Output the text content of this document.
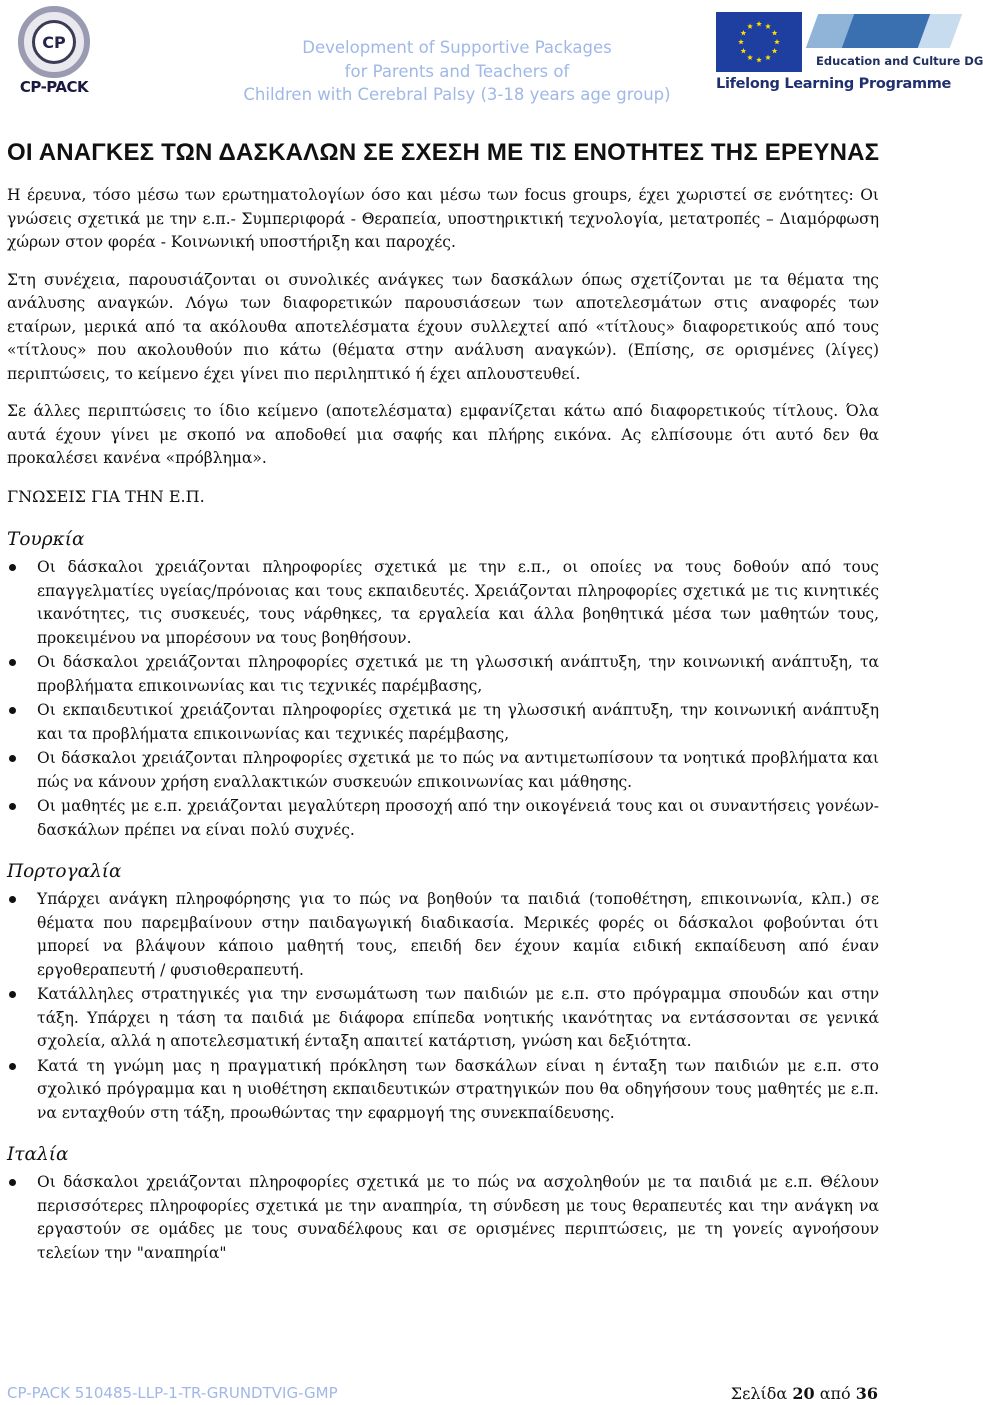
CP
CP-PACK
Development of Supportive Packages
for Parents and Teachers of
Children with Cerebral Palsy (3-18 years age group)
Education and Culture DG
Lifelong Learning Programme
ΟΙ ΑΝΑΓΚΕΣ ΤΩΝ ΔΑΣΚΑΛΩΝ ΣΕ ΣΧΕΣΗ ΜΕ ΤΙΣ ΕΝΟΤΗΤΕΣ ΤΗΣ ΕΡΕΥΝΑΣ

Η έρευνα, τόσο μέσω των ερωτηματολογίων όσο και μέσω των focus groups, έχει χωριστεί σε ενότητες: Οι γνώσεις σχετικά με την ε.π.- Συμπεριφορά - Θεραπεία, υποστηρικτική τεχνολογία, μετατροπές – Διαμόρφωση χώρων στον φορέα - Κοινωνική υποστήριξη και παροχές.

Στη συνέχεια, παρουσιάζονται οι συνολικές ανάγκες των δασκάλων όπως σχετίζονται με τα θέματα της ανάλυσης αναγκών. Λόγω των διαφορετικών παρουσιάσεων των αποτελεσμάτων στις αναφορές των εταίρων, μερικά από τα ακόλουθα αποτελέσματα έχουν συλλεχτεί από «τίτλους» διαφορετικούς από τους «τίτλους» που ακολουθούν πιο κάτω (θέματα στην ανάλυση αναγκών). (Επίσης, σε ορισμένες (λίγες) περιπτώσεις, το κείμενο έχει γίνει πιο περιληπτικό ή έχει απλουστευθεί.

Σε άλλες περιπτώσεις το ίδιο κείμενο (αποτελέσματα) εμφανίζεται κάτω από διαφορετικούς τίτλους. Όλα αυτά έχουν γίνει με σκοπό να αποδοθεί μια σαφής και πλήρης εικόνα. Ας ελπίσουμε ότι αυτό δεν θα προκαλέσει κανένα «πρόβλημα».

ΓΝΩΣΕΙΣ ΓΙΑ ΤΗΝ Ε.Π.
Τουρκία
Οι δάσκαλοι χρειάζονται πληροφορίες σχετικά με την ε.π., οι οποίες να τους δοθούν από τους επαγγελματίες υγείας/πρόνοιας και τους εκπαιδευτές. Χρειάζονται πληροφορίες σχετικά με τις κινητικές ικανότητες, τις συσκευές, τους νάρθηκες, τα εργαλεία και άλλα βοηθητικά μέσα των μαθητών τους, προκειμένου να μπορέσουν να τους βοηθήσουν.
Οι δάσκαλοι χρειάζονται πληροφορίες σχετικά με τη γλωσσική ανάπτυξη, την κοινωνική ανάπτυξη, τα προβλήματα επικοινωνίας και τις τεχνικές παρέμβασης,
Οι εκπαιδευτικοί χρειάζονται πληροφορίες σχετικά με τη γλωσσική ανάπτυξη, την κοινωνική ανάπτυξη και τα προβλήματα επικοινωνίας και τεχνικές παρέμβασης,
Οι δάσκαλοι χρειάζονται πληροφορίες σχετικά με το πώς να αντιμετωπίσουν τα νοητικά προβλήματα και πώς να κάνουν χρήση εναλλακτικών συσκευών επικοινωνίας και μάθησης.
Οι μαθητές με ε.π. χρειάζονται μεγαλύτερη προσοχή από την οικογένειά τους και οι συναντήσεις γονέων-δασκάλων πρέπει να είναι πολύ συχνές.
Πορτογαλία
Υπάρχει ανάγκη πληροφόρησης για το πώς να βοηθούν τα παιδιά (τοποθέτηση, επικοινωνία, κλπ.) σε θέματα που παρεμβαίνουν στην παιδαγωγική διαδικασία. Μερικές φορές οι δάσκαλοι φοβούνται ότι μπορεί να βλάψουν κάποιο μαθητή τους, επειδή δεν έχουν καμία ειδική εκπαίδευση από έναν εργοθεραπευτή / φυσιοθεραπευτή.
Κατάλληλες στρατηγικές για την ενσωμάτωση των παιδιών με ε.π. στο πρόγραμμα σπουδών και στην τάξη. Υπάρχει η τάση τα παιδιά με διάφορα επίπεδα νοητικής ικανότητας να εντάσσονται σε γενικά σχολεία, αλλά η αποτελεσματική ένταξη απαιτεί κατάρτιση, γνώση και δεξιότητα.
Κατά τη γνώμη μας η πραγματική πρόκληση των δασκάλων είναι η ένταξη των παιδιών με ε.π. στο σχολικό πρόγραμμα και η υιοθέτηση εκπαιδευτικών στρατηγικών που θα οδηγήσουν τους μαθητές με ε.π. να ενταχθούν στη τάξη, προωθώντας την εφαρμογή της συνεκπαίδευσης.
Ιταλία
Οι δάσκαλοι χρειάζονται πληροφορίες σχετικά με το πώς να ασχοληθούν με τα παιδιά με ε.π. Θέλουν περισσότερες πληροφορίες σχετικά με την αναπηρία, τη σύνδεση με τους θεραπευτές και την ανάγκη να εργαστούν σε ομάδες με τους συναδέλφους και σε ορισμένες περιπτώσεις, με τη γονείς αγνοήσουν τελείων την "αναπηρία"
CP-PACK 510485-LLP-1-TR-GRUNDTVIG-GMP	Σελίδα 20 από 36
